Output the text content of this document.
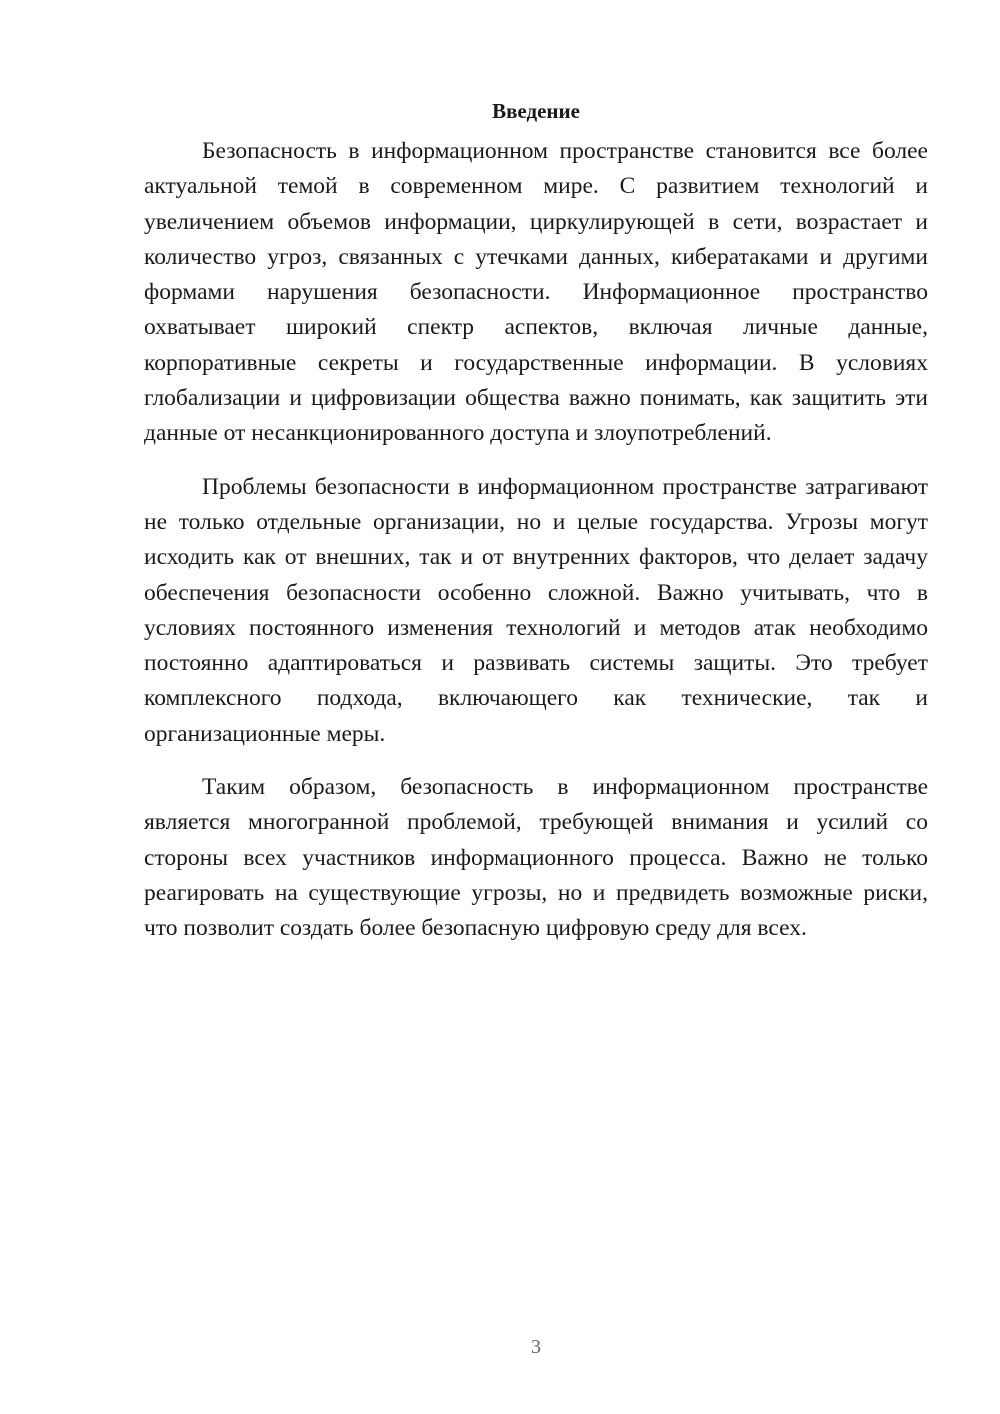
Введение

Безопасность в информационном пространстве становится все более актуальной темой в современном мире. С развитием технологий и увеличением объемов информации, циркулирующей в сети, возрастает и количество угроз, связанных с утечками данных, кибератаками и другими формами нарушения безопасности. Информационное пространство охватывает широкий спектр аспектов, включая личные данные, корпоративные секреты и государственные информации. В условиях глобализации и цифровизации общества важно понимать, как защитить эти данные от несанкционированного доступа и злоупотреблений.

Проблемы безопасности в информационном пространстве затрагивают не только отдельные организации, но и целые государства. Угрозы могут исходить как от внешних, так и от внутренних факторов, что делает задачу обеспечения безопасности особенно сложной. Важно учитывать, что в условиях постоянного изменения технологий и методов атак необходимо постоянно адаптироваться и развивать системы защиты. Это требует комплексного подхода, включающего как технические, так и организационные меры.

Таким образом, безопасность в информационном пространстве является многогранной проблемой, требующей внимания и усилий со стороны всех участников информационного процесса. Важно не только реагировать на существующие угрозы, но и предвидеть возможные риски, что позволит создать более безопасную цифровую среду для всех.

3
